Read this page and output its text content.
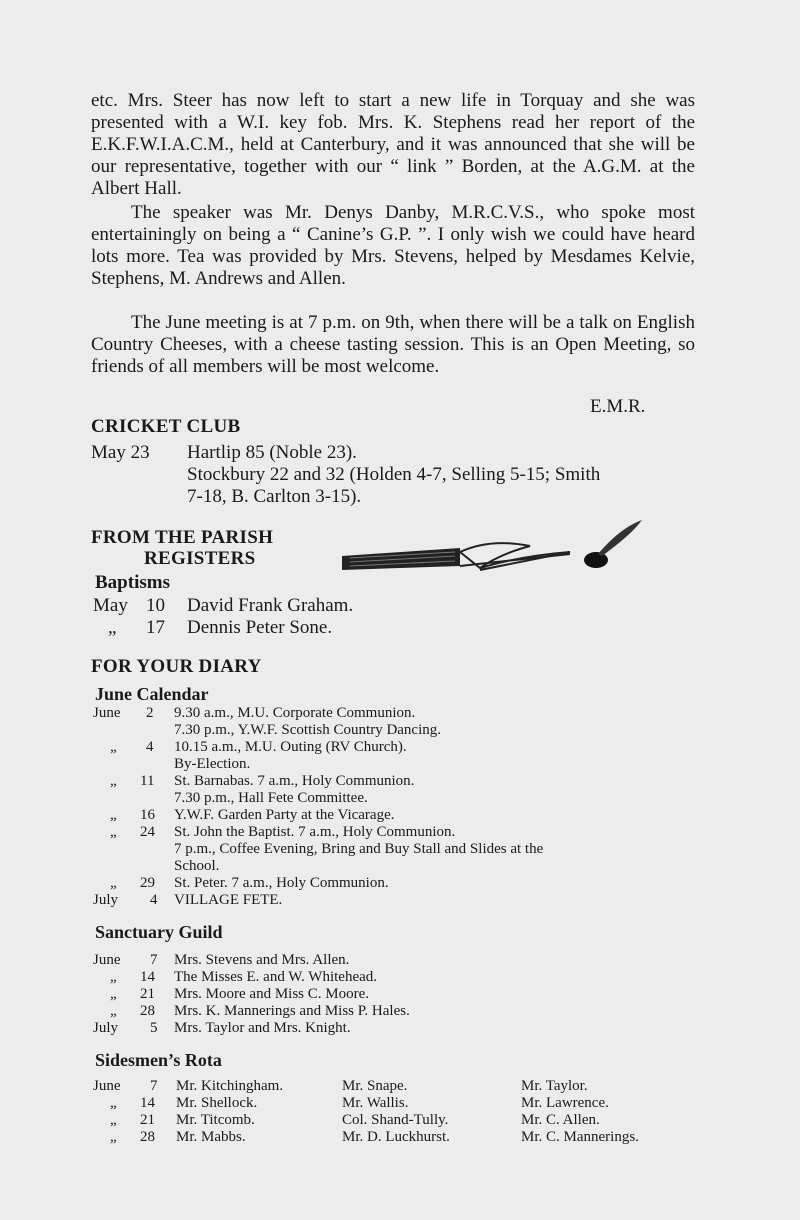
etc. Mrs. Steer has now left to start a new life in Torquay and she was presented with a W.I. key fob. Mrs. K. Stephens read her report of the E.K.F.W.I.A.C.M., held at Canterbury, and it was announced that she will be our representative, together with our “ link ” Borden, at the A.G.M. at the Albert Hall.
The speaker was Mr. Denys Danby, M.R.C.V.S., who spoke most entertainingly on being a “ Canine’s G.P. ”. I only wish we could have heard lots more. Tea was provided by Mrs. Stevens, helped by Mesdames Kelvie, Stephens, M. Andrews and Allen.
The June meeting is at 7 p.m. on 9th, when there will be a talk on English Country Cheeses, with a cheese tasting session. This is an Open Meeting, so friends of all members will be most welcome.
E.M.R.
CRICKET CLUB
May 23 Hartlip 85 (Noble 23).
Stockbury 22 and 32 (Holden 4-7, Selling 5-15; Smith
7-18, B. Carlton 3-15).
FROM THE PARISH
REGISTERS
Baptisms
May 10 David Frank Graham.
„ 17 Dennis Peter Sone.
FOR YOUR DIARY
June Calendar
June 2 9.30 a.m., M.U. Corporate Communion.
7.30 p.m., Y.W.F. Scottish Country Dancing.
„ 4 10.15 a.m., M.U. Outing (RV Church).
By-Election.
„ 11 St. Barnabas. 7 a.m., Holy Communion.
7.30 p.m., Hall Fete Committee.
„ 16 Y.W.F. Garden Party at the Vicarage.
„ 24 St. John the Baptist. 7 a.m., Holy Communion.
7 p.m., Coffee Evening, Bring and Buy Stall and Slides at the
School.
„ 29 St. Peter. 7 a.m., Holy Communion.
July 4 VILLAGE FETE.
Sanctuary Guild
June 7 Mrs. Stevens and Mrs. Allen.
„ 14 The Misses E. and W. Whitehead.
„ 21 Mrs. Moore and Miss C. Moore.
„ 28 Mrs. K. Mannerings and Miss P. Hales.
July 5 Mrs. Taylor and Mrs. Knight.
Sidesmen’s Rota
June 7 Mr. Kitchingham.	Mr. Snape.	Mr. Taylor.
„ 14 Mr. Shellock.	Mr. Wallis.	Mr. Lawrence.
„ 21 Mr. Titcomb.	Col. Shand-Tully.	Mr. C. Allen.
„ 28 Mr. Mabbs.	Mr. D. Luckhurst.	Mr. C. Mannerings.
